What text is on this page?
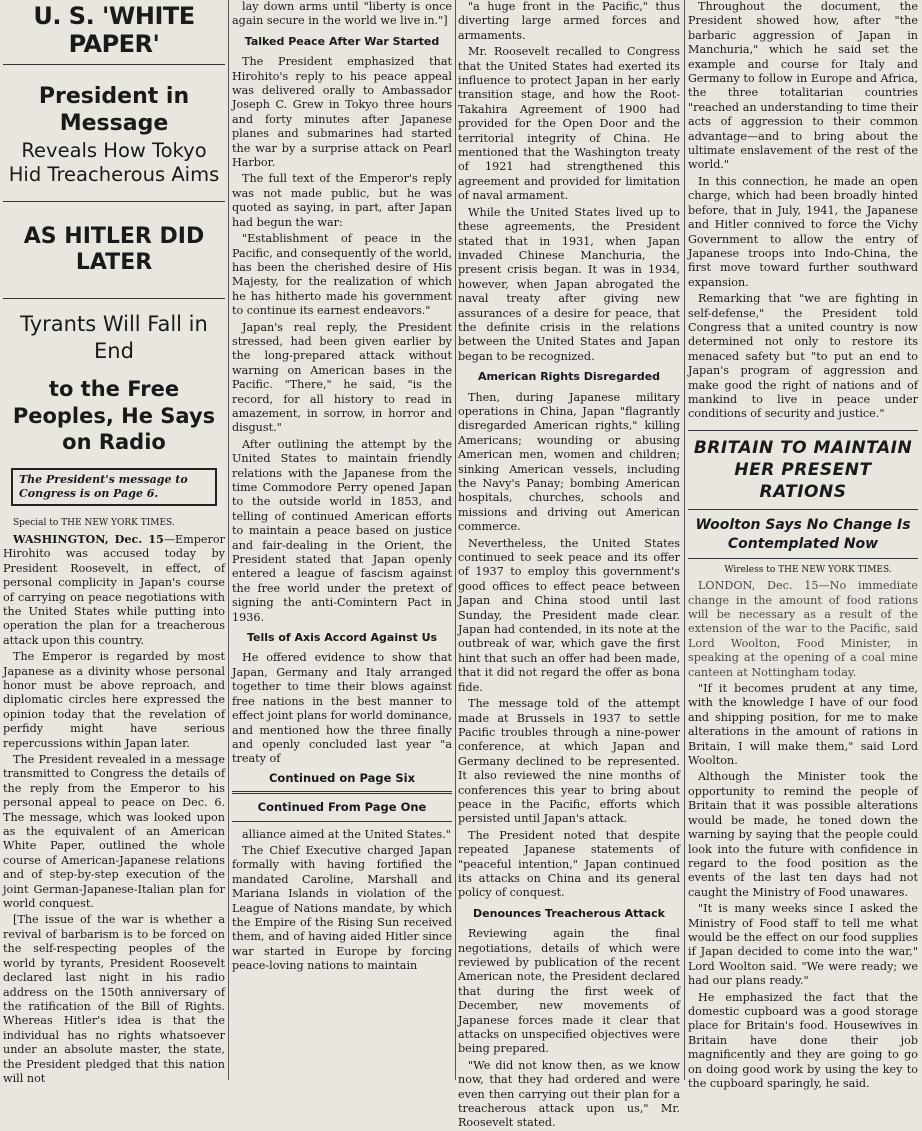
U. S. 'WHITE PAPER'
President in Message
Reveals How Tokyo Hid Treacherous Aims
AS HITLER DID LATER
Tyrants Will Fall in End
to the Free Peoples, He Says on Radio
The President's message to Congress is on Page 6.

Special to THE NEW YORK TIMES.

WASHINGTON, Dec. 15—Emperor Hirohito was accused today by President Roosevelt, in effect, of personal complicity in Japan's course of carrying on peace negotiations with the United States while putting into operation the plan for a treacherous attack upon this country.

The Emperor is regarded by most Japanese as a divinity whose personal honor must be above reproach, and diplomatic circles here expressed the opinion today that the revelation of perfidy might have serious repercussions within Japan later.

The President revealed in a message transmitted to Congress the details of the reply from the Emperor to his personal appeal to peace on Dec. 6. The message, which was looked upon as the equivalent of an American White Paper, outlined the whole course of American-Japanese relations and of step-by-step execution of the joint German-Japanese-Italian plan for world conquest.

[The issue of the war is whether a revival of barbarism is to be forced on the self-respecting peoples of the world by tyrants, President Roosevelt declared last night in his radio address on the 150th anniversary of the ratification of the Bill of Rights. Whereas Hitler's idea is that the individual has no rights whatsoever under an absolute master, the state, the President pledged that this nation will not

lay down arms until "liberty is once again secure in the world we live in."]

Talked Peace After War Started

The President emphasized that Hirohito's reply to his peace appeal was delivered orally to Ambassador Joseph C. Grew in Tokyo three hours and forty minutes after Japanese planes and submarines had started the war by a surprise attack on Pearl Harbor.

The full text of the Emperor's reply was not made public, but he was quoted as saying, in part, after Japan had begun the war:

"Establishment of peace in the Pacific, and consequently of the world, has been the cherished desire of His Majesty, for the realization of which he has hitherto made his government to continue its earnest endeavors."

Japan's real reply, the President stressed, had been given earlier by the long-prepared attack without warning on American bases in the Pacific. "There," he said, "is the record, for all history to read in amazement, in sorrow, in horror and disgust."

After outlining the attempt by the United States to maintain friendly relations with the Japanese from the time Commodore Perry opened Japan to the outside world in 1853, and telling of continued American efforts to maintain a peace based on justice and fair-dealing in the Orient, the President stated that Japan openly entered a league of fascism against the free world under the pretext of signing the anti-Comintern Pact in 1936.

Tells of Axis Accord Against Us

He offered evidence to show that Japan, Germany and Italy arranged together to time their blows against free nations in the best manner to effect joint plans for world dominance, and mentioned how the three finally and openly concluded last year "a treaty of

Continued on Page Six
Continued From Page One

alliance aimed at the United States."

The Chief Executive charged Japan formally with having fortified the mandated Caroline, Marshall and Mariana Islands in violation of the League of Nations mandate, by which the Empire of the Rising Sun received them, and of having aided Hitler since war started in Europe by forcing peace-loving nations to maintain

"a huge front in the Pacific," thus diverting large armed forces and armaments.

Mr. Roosevelt recalled to Congress that the United States had exerted its influence to protect Japan in her early transition stage, and how the Root-Takahira Agreement of 1900 had provided for the Open Door and the territorial integrity of China. He mentioned that the Washington treaty of 1921 had strengthened this agreement and provided for limitation of naval armament.

While the United States lived up to these agreements, the President stated that in 1931, when Japan invaded Chinese Manchuria, the present crisis began. It was in 1934, however, when Japan abrogated the naval treaty after giving new assurances of a desire for peace, that the definite crisis in the relations between the United States and Japan began to be recognized.

American Rights Disregarded

Then, during Japanese military operations in China, Japan "flagrantly disregarded American rights," killing Americans; wounding or abusing American men, women and children; sinking American vessels, including the Navy's Panay; bombing American hospitals, churches, schools and missions and driving out American commerce.

Nevertheless, the United States continued to seek peace and its offer of 1937 to employ this government's good offices to effect peace between Japan and China stood until last Sunday, the President made clear. Japan had contended, in its note at the outbreak of war, which gave the first hint that such an offer had been made, that it did not regard the offer as bona fide.

The message told of the attempt made at Brussels in 1937 to settle Pacific troubles through a nine-power conference, at which Japan and Germany declined to be represented. It also reviewed the nine months of conferences this year to bring about peace in the Pacific, efforts which persisted until Japan's attack.

The President noted that despite repeated Japanese statements of "peaceful intention," Japan continued its attacks on China and its general policy of conquest.

Denounces Treacherous Attack

Reviewing again the final negotiations, details of which were reviewed by publication of the recent American note, the President declared that during the first week of December, new movements of Japanese forces made it clear that attacks on unspecified objectives were being prepared.

"We did not know then, as we know now, that they had ordered and were even then carrying out their plan for a treacherous attack upon us," Mr. Roosevelt stated.

Throughout the document, the President showed how, after "the barbaric aggression of Japan in Manchuria," which he said set the example and course for Italy and Germany to follow in Europe and Africa, the three totalitarian countries "reached an understanding to time their acts of aggression to their common advantage—and to bring about the ultimate enslavement of the rest of the world."

In this connection, he made an open charge, which had been broadly hinted before, that in July, 1941, the Japanese and Hitler connived to force the Vichy Government to allow the entry of Japanese troops into Indo-China, the first move toward further southward expansion.

Remarking that "we are fighting in self-defense," the President told Congress that a united country is now determined not only to restore its menaced safety but "to put an end to Japan's program of aggression and make good the right of nations and of mankind to live in peace under conditions of security and justice."

BRITAIN TO MAINTAIN HER PRESENT RATIONS
Woolton Says No Change Is Contemplated Now

Wireless to THE NEW YORK TIMES.

LONDON, Dec. 15—No immediate change in the amount of food rations will be necessary as a result of the extension of the war to the Pacific, said Lord Woolton, Food Minister, in speaking at the opening of a coal mine canteen at Nottingham today.

"If it becomes prudent at any time, with the knowledge I have of our food and shipping position, for me to make alterations in the amount of rations in Britain, I will make them," said Lord Woolton.

Although the Minister took the opportunity to remind the people of Britain that it was possible alterations would be made, he toned down the warning by saying that the people could look into the future with confidence in regard to the food position as the events of the last ten days had not caught the Ministry of Food unawares.

"It is many weeks since I asked the Ministry of Food staff to tell me what would be the effect on our food supplies if Japan decided to come into the war," Lord Woolton said. "We were ready; we had our plans ready."

He emphasized the fact that the domestic cupboard was a good storage place for Britain's food. Housewives in Britain have done their job magnificently and they are going to go on doing good work by using the key to the cupboard sparingly, he said.
